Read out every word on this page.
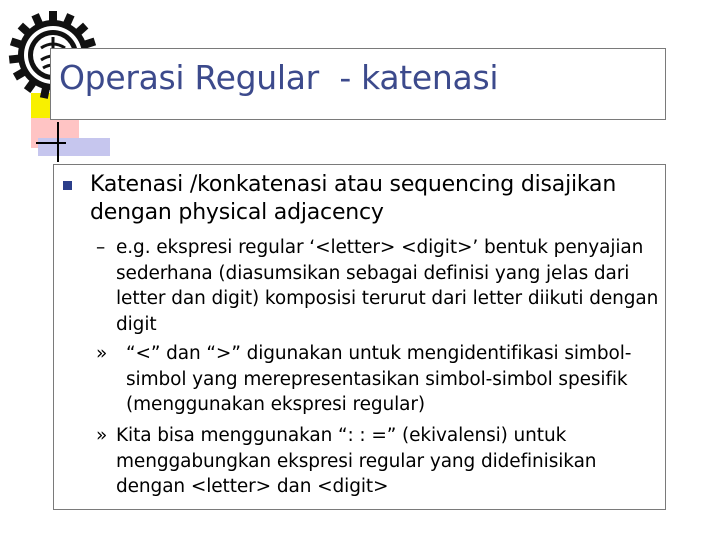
Operasi Regular  - katenasi
Katenasi /konkatenasi atau sequencing disajikan dengan physical adjacency
– e.g. ekspresi regular ‘<letter> <digit>’ bentuk penyajian sederhana (diasumsikan sebagai definisi yang jelas dari letter dan digit) komposisi terurut dari letter diikuti dengan digit
» “<” dan “>” digunakan untuk mengidentifikasi simbol-simbol yang merepresentasikan simbol-simbol spesifik (menggunakan ekspresi regular)
» Kita bisa menggunakan “: : =” (ekivalensi) untuk menggabungkan ekspresi regular yang didefinisikan dengan <letter> dan <digit>
